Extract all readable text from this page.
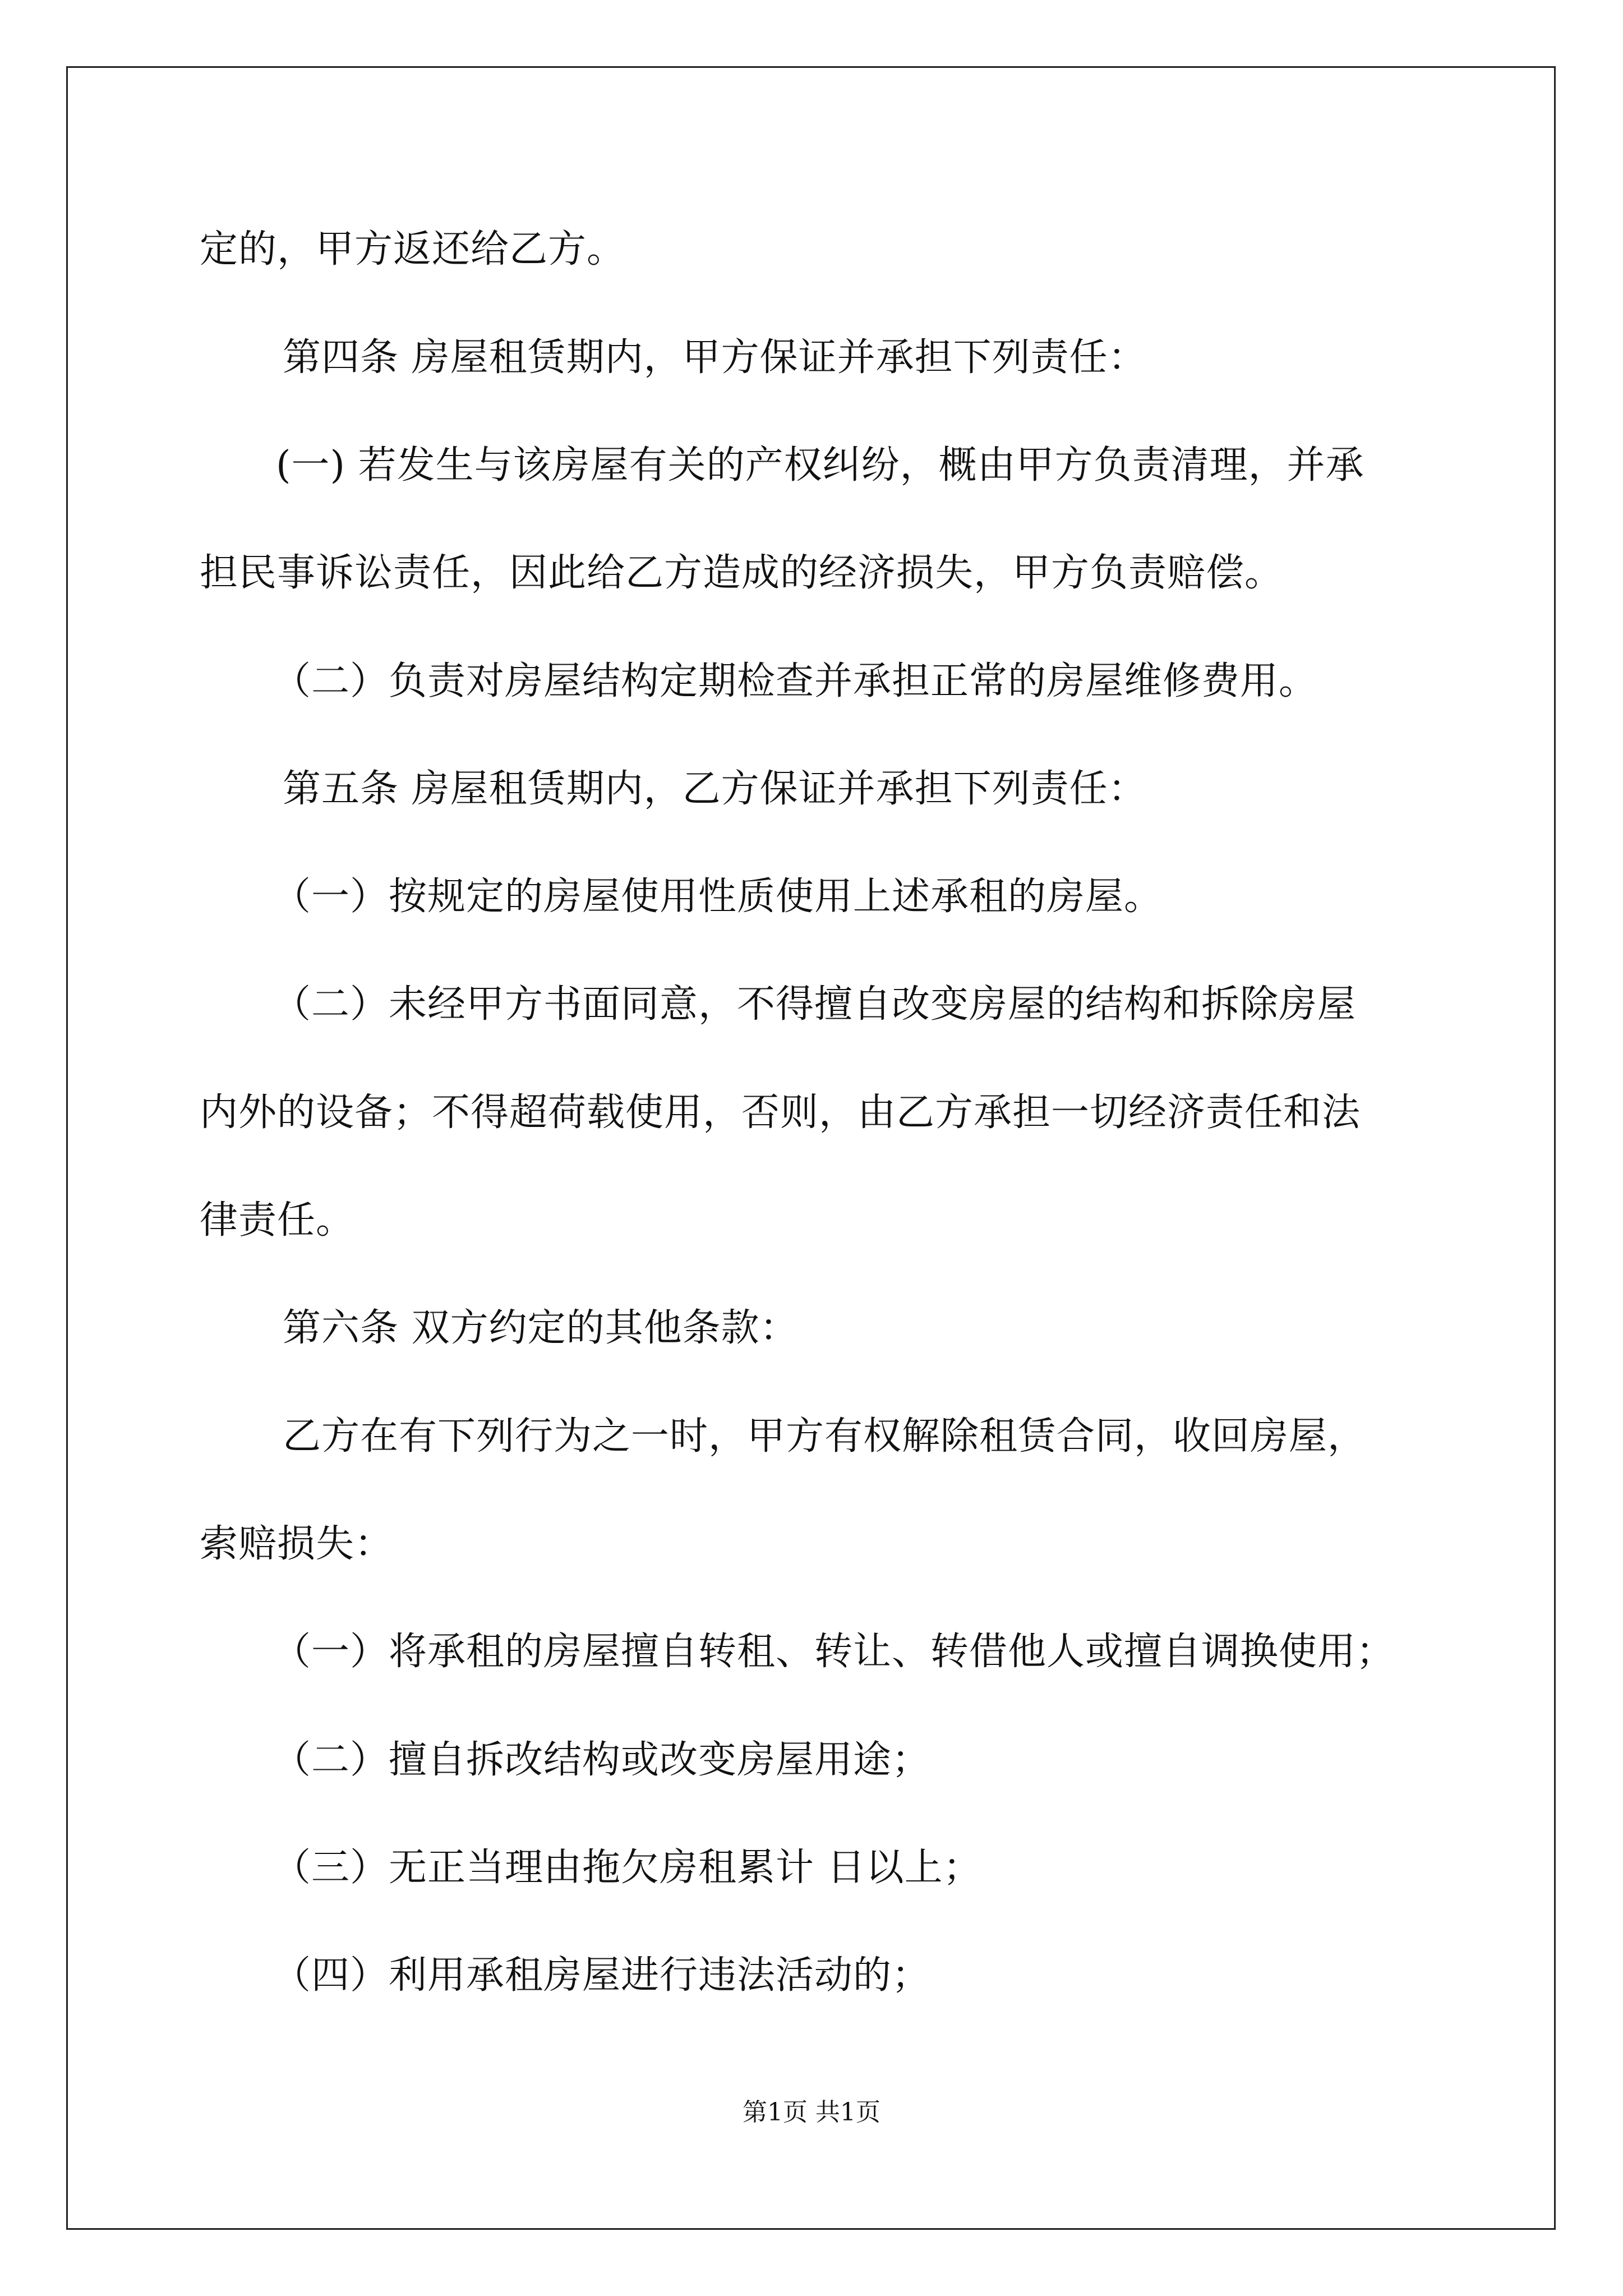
定的，甲方返还给乙方。
第四条 房屋租赁期内，甲方保证并承担下列责任：
(一) 若发生与该房屋有关的产权纠纷，概由甲方负责清理，并承
担民事诉讼责任，因此给乙方造成的经济损失，甲方负责赔偿。
（二）负责对房屋结构定期检查并承担正常的房屋维修费用。
第五条 房屋租赁期内，乙方保证并承担下列责任：
（一）按规定的房屋使用性质使用上述承租的房屋。
（二）未经甲方书面同意，不得擅自改变房屋的结构和拆除房屋
内外的设备；不得超荷载使用，否则，由乙方承担一切经济责任和法
律责任。
第六条 双方约定的其他条款：
乙方在有下列行为之一时，甲方有权解除租赁合同，收回房屋，
索赔损失：
（一）将承租的房屋擅自转租、转让、转借他人或擅自调换使用；
（二）擅自拆改结构或改变房屋用途；
（三）无正当理由拖欠房租累计 日以上；
（四）利用承租房屋进行违法活动的；
第1页 共1页
